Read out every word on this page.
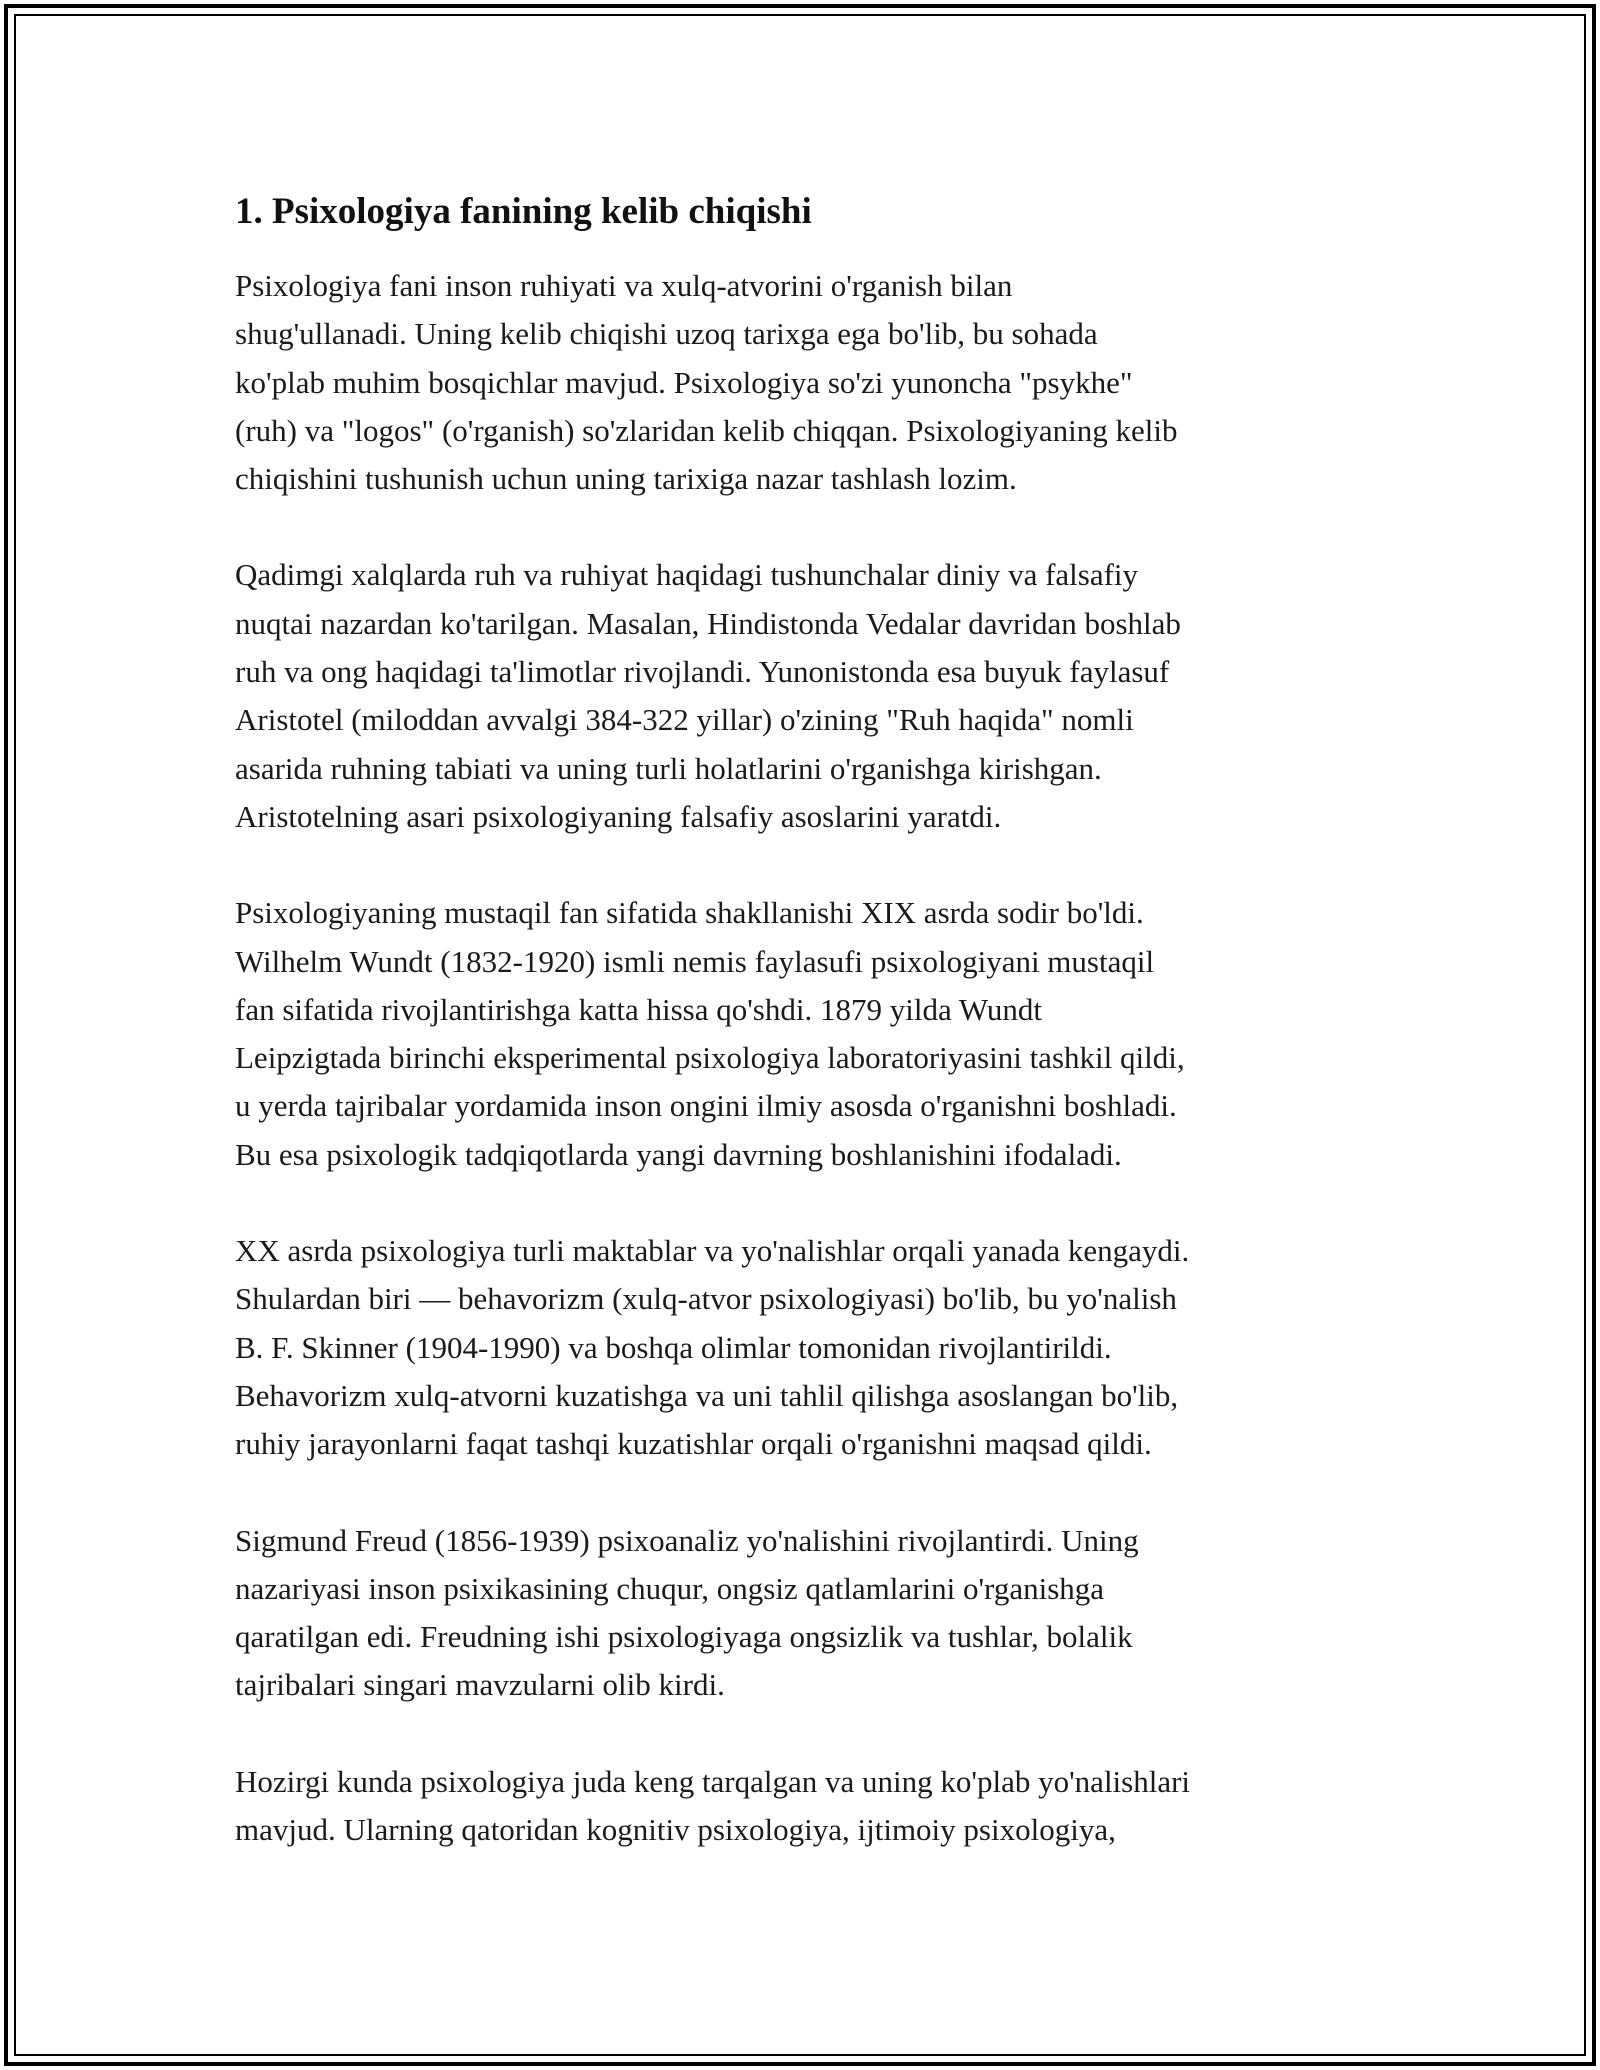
1. Psixologiya fanining kelib chiqishi

Psixologiya fani inson ruhiyati va xulq-atvorini o'rganish bilan
shug'ullanadi. Uning kelib chiqishi uzoq tarixga ega bo'lib, bu sohada
ko'plab muhim bosqichlar mavjud. Psixologiya so'zi yunoncha "psykhe"
(ruh) va "logos" (o'rganish) so'zlaridan kelib chiqqan. Psixologiyaning kelib
chiqishini tushunish uchun uning tarixiga nazar tashlash lozim.

Qadimgi xalqlarda ruh va ruhiyat haqidagi tushunchalar diniy va falsafiy
nuqtai nazardan ko'tarilgan. Masalan, Hindistonda Vedalar davridan boshlab
ruh va ong haqidagi ta'limotlar rivojlandi. Yunonistonda esa buyuk faylasuf
Aristotel (miloddan avvalgi 384-322 yillar) o'zining "Ruh haqida" nomli
asarida ruhning tabiati va uning turli holatlarini o'rganishga kirishgan.
Aristotelning asari psixologiyaning falsafiy asoslarini yaratdi.

Psixologiyaning mustaqil fan sifatida shakllanishi XIX asrda sodir bo'ldi.
Wilhelm Wundt (1832-1920) ismli nemis faylasufi psixologiyani mustaqil
fan sifatida rivojlantirishga katta hissa qo'shdi. 1879 yilda Wundt
Leipzigtada birinchi eksperimental psixologiya laboratoriyasini tashkil qildi,
u yerda tajribalar yordamida inson ongini ilmiy asosda o'rganishni boshladi.
Bu esa psixologik tadqiqotlarda yangi davrning boshlanishini ifodaladi.

XX asrda psixologiya turli maktablar va yo'nalishlar orqali yanada kengaydi.
Shulardan biri — behavorizm (xulq-atvor psixologiyasi) bo'lib, bu yo'nalish
B. F. Skinner (1904-1990) va boshqa olimlar tomonidan rivojlantirildi.
Behavorizm xulq-atvorni kuzatishga va uni tahlil qilishga asoslangan bo'lib,
ruhiy jarayonlarni faqat tashqi kuzatishlar orqali o'rganishni maqsad qildi.

Sigmund Freud (1856-1939) psixoanaliz yo'nalishini rivojlantirdi. Uning
nazariyasi inson psixikasining chuqur, ongsiz qatlamlarini o'rganishga
qaratilgan edi. Freudning ishi psixologiyaga ongsizlik va tushlar, bolalik
tajribalari singari mavzularni olib kirdi.

Hozirgi kunda psixologiya juda keng tarqalgan va uning ko'plab yo'nalishlari
mavjud. Ularning qatoridan kognitiv psixologiya, ijtimoiy psixologiya,
